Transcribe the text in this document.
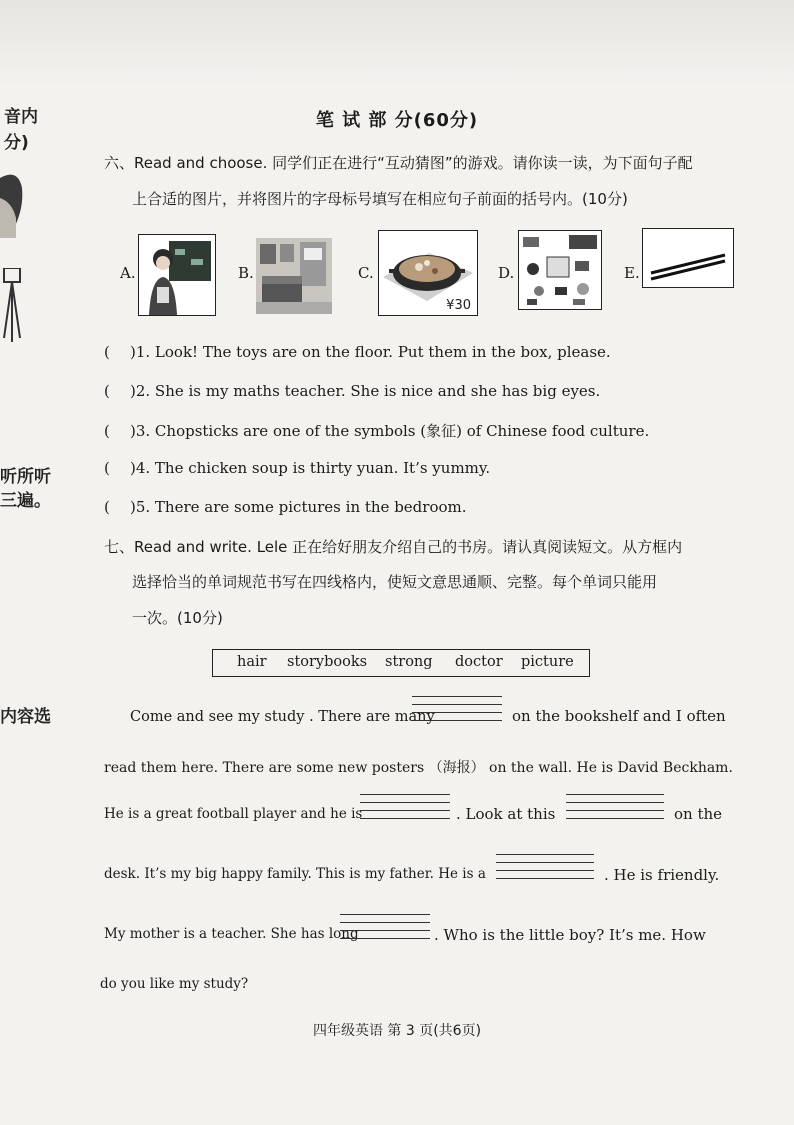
音内
分)
听所听
三遍。
内容选
笔 试 部 分(60分)
六、Read and choose. 同学们正在进行“互动猜图”的游戏。请你读一读，为下面句子配
上合适的图片，并将图片的字母标号填写在相应句子前面的括号内。(10分)
A.	B.	C.
¥30
D.	E.
( )1. Look! The toys are on the floor. Put them in the box, please.
( )2. She is my maths teacher. She is nice and she has big eyes.
( )3. Chopsticks are one of the symbols (象征) of Chinese food culture.
( )4. The chicken soup is thirty yuan. It’s yummy.
( )5. There are some pictures in the bedroom.
七、Read and write. Lele 正在给好朋友介绍自己的书房。请认真阅读短文。从方框内
选择恰当的单词规范书写在四线格内，使短文意思通顺、完整。每个单词只能用
一次。(10分)
hair storybooks strong doctor picture
Come and see my study . There are many	on the bookshelf and I often
read them here. There are some new posters （海报） on the wall. He is David Beckham.
He is a great football player and he is	. Look at this	on the
desk. It’s my big happy family. This is my father. He is a	. He is friendly.
My mother is a teacher. She has long	. Who is the little boy? It’s me. How
do you like my study?
四年级英语 第 3 页(共6页)
